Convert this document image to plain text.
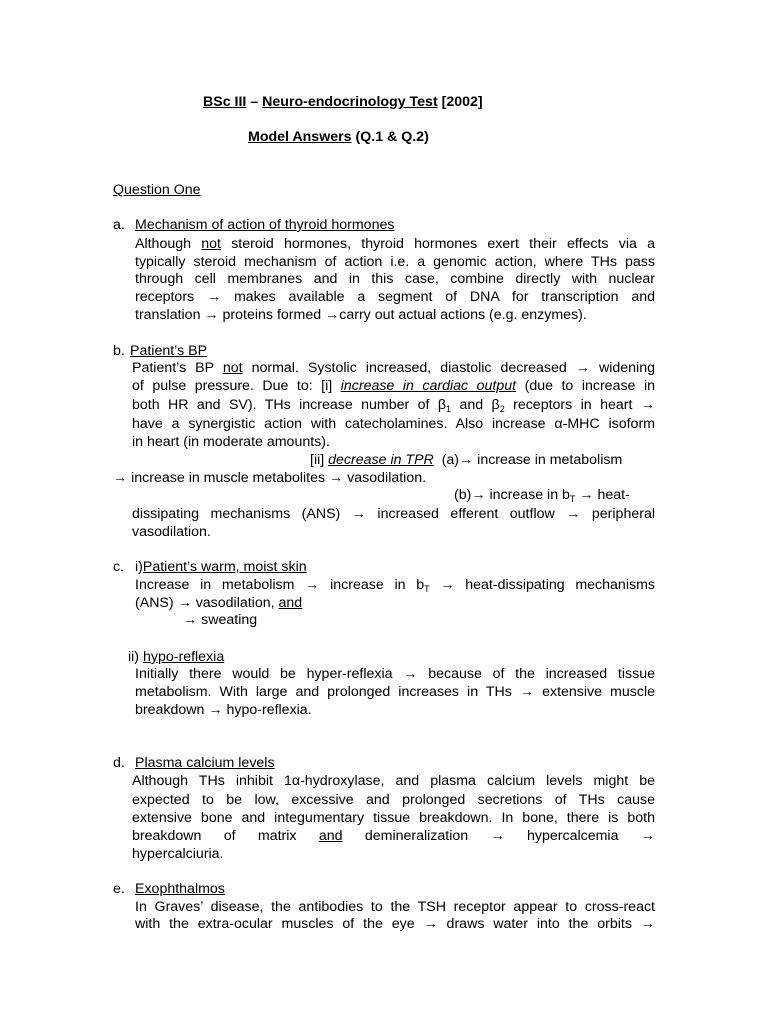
BSc III – Neuro-endocrinology Test [2002]
Model Answers (Q.1 & Q.2)
Question One
a. Mechanism of action of thyroid hormones
Although not steroid hormones, thyroid hormones exert their effects via a
typically steroid mechanism of action i.e. a genomic action, where THs pass
through cell membranes and in this case, combine directly with nuclear
receptors → makes available a segment of DNA for transcription and
translation → proteins formed →carry out actual actions (e.g. enzymes).
b. Patient’s BP
Patient’s BP not normal. Systolic increased, diastolic decreased → widening
of pulse pressure. Due to: [i] increase in cardiac output (due to increase in
both HR and SV). THs increase number of $\beta_1$ and $\beta_2$ receptors in heart →
have a synergistic action with catecholamines. Also increase α-MHC isoform
in heart (in moderate amounts).
[ii] decrease in TPR  (a)→ increase in metabolism
→ increase in muscle metabolites → vasodilation.
(b)→ increase in $b_T$ → heat-
dissipating mechanisms (ANS) → increased efferent outflow → peripheral
vasodilation.
c. i)Patient’s warm, moist skin
Increase in metabolism → increase in $b_T$ → heat-dissipating mechanisms
(ANS) → vasodilation, and
→ sweating
ii) hypo-reflexia
Initially there would be hyper-reflexia → because of the increased tissue
metabolism. With large and prolonged increases in THs → extensive muscle
breakdown → hypo-reflexia.
d. Plasma calcium levels
Although THs inhibit 1α-hydroxylase, and plasma calcium levels might be
expected to be low, excessive and prolonged secretions of THs cause
extensive bone and integumentary tissue breakdown. In bone, there is both
breakdown of matrix and demineralization → hypercalcemia →
hypercalciuria.
e. Exophthalmos
In Graves’ disease, the antibodies to the TSH receptor appear to cross-react
with the extra-ocular muscles of the eye → draws water into the orbits →
